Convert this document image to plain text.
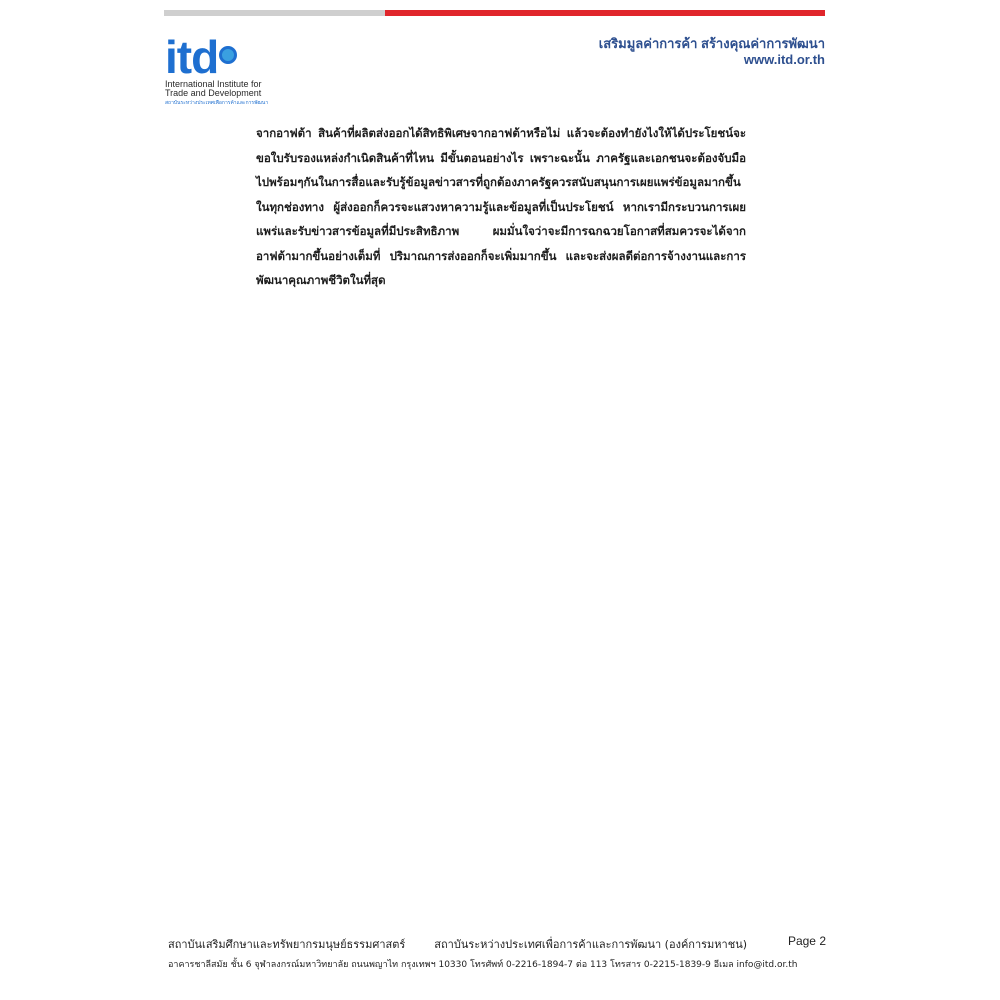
itd
International Institute for
Trade and Development
สถาบันระหว่างประเทศเพื่อการค้าและการพัฒนา
เสริมมูลค่าการค้า สร้างคุณค่าการพัฒนา
www.itd.or.th

จากอาฟต้า สินค้าที่ผลิตส่งออกได้สิทธิพิเศษจากอาฟต้าหรือไม่ แล้วจะต้องทำยังไงให้ได้ประโยชน์จะขอใบรับรองแหล่งกำเนิดสินค้าที่ไหน มีขั้นตอนอย่างไร เพราะฉะนั้น ภาครัฐและเอกชนจะต้องจับมือไปพร้อมๆกันในการสื่อและรับรู้ข้อมูลข่าวสารที่ถูกต้องภาครัฐควรสนับสนุนการเผยแพร่ข้อมูลมากขึ้นในทุกช่องทาง ผู้ส่งออกก็ควรจะแสวงหาความรู้และข้อมูลที่เป็นประโยชน์ หากเรามีกระบวนการเผยแพร่และรับข่าวสารข้อมูลที่มีประสิทธิภาพ ผมมั่นใจว่าจะมีการฉกฉวยโอกาสที่สมควรจะได้จากอาฟต้ามากขึ้นอย่างเต็มที่ ปริมาณการส่งออกก็จะเพิ่มมากขึ้น และจะส่งผลดีต่อการจ้างงานและการพัฒนาคุณภาพชีวิตในที่สุด

สถาบันเสริมศึกษาและทรัพยากรมนุษย์ธรรมศาสตร์	สถาบันระหว่างประเทศเพื่อการค้าและการพัฒนา (องค์การมหาชน)
อาคารชาลีสมัย ชั้น 6 จุฬาลงกรณ์มหาวิทยาลัย ถนนพญาไท กรุงเทพฯ 10330 โทรศัพท์ 0-2216-1894-7 ต่อ 113 โทรสาร 0-2215-1839-9 อีเมล info@itd.or.th
Page 2
